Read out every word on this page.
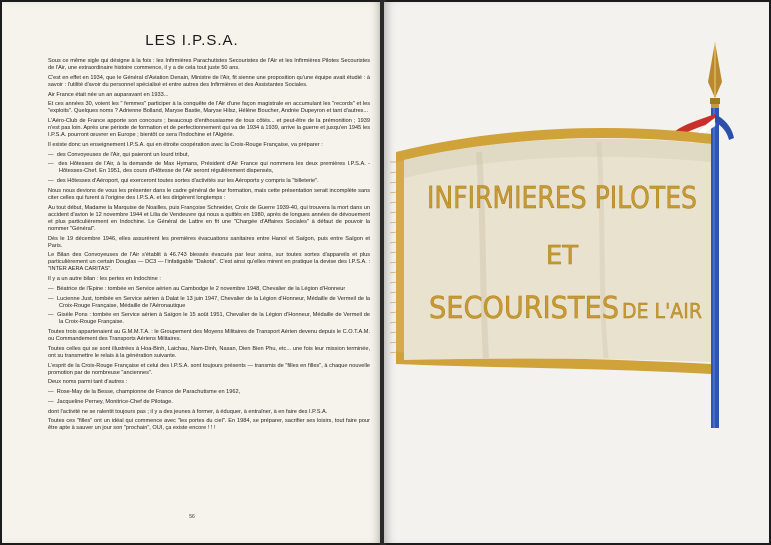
LES I.P.S.A.

Sous ce même sigle qui désigne à la fois : les Infirmières Parachutistes Secouristes de l'Air et les Infirmières Pilotes Secouristes de l'Air, une extraordinaire histoire commence, il y a de cela tout juste 50 ans.

C'est en effet en 1934, que le Général d'Aviation Denain, Ministre de l'Air, fit sienne une proposition qu'une équipe avait étudié : à savoir : l'utilité d'avoir du personnel spécialisé et entre autres des Infirmières et des Assistantes Sociales.

Air France était née un an auparavant en 1933...

Et ces années 30, voient les " femmes" participer à la conquête de l'Air d'une façon magistrale en accumulant les "records" et les "exploits". Quelques noms ? Adrienne Bolland, Maryse Bastie, Maryse Hilsz, Hélène Boucher, Andrée Dupeyron et tant d'autres...

L'Aéro-Club de France apporte son concours ; beaucoup d'enthousiasme de tous côtés... et peut-être de la prémonition ; 1939 n'est pas loin. Après une période de formation et de perfectionnement qui va de 1934 à 1939, arrive la guerre et jusqu'en 1945 les I.P.S.A. pourront œuvrer en Europe ; bientôt ce sera l'Indochine et l'Algérie.

Il existe donc un enseignement I.P.S.A. qui en étroite coopération avec la Croix-Rouge Française, va préparer :

—  des Convoyeuses de l'Air, qui paieront un lourd tribut,

—  des Hôtesses de l'Air, à la demande de Max Hymans, Président d'Air France qui nommera les deux premières I.P.S.A. - Hôtesses-Chef. En 1951, des cours d'Hôtesse de l'Air seront régulièrement dispensés,

—  des Hôtesses d'Aéroport, qui exerceront toutes sortes d'activités sur les Aéroports y compris la "billeterie".

Nous nous devions de vous les présenter dans le cadre général de leur formation, mais cette présentation serait incomplète sans citer celles qui furent à l'origine des I.P.S.A. et les dirigèrent longtemps :

Au tout début, Madame la Marquise de Noailles, puis Françoise Schneider, Croix de Guerre 1939-40, qui trouvera la mort dans un accident d'avion le 12 novembre 1944 et Lilia de Vendeuvre qui nous a quittés en 1980, après de longues années de dévouement et plus particulièrement en Indochine. Le Général de Lattre en fit une "Chargée d'Affaires Sociales" à défaut de pouvoir la nommer "Général".

Dès le 19 décembre 1946, elles assurèrent les premières évacuations sanitaires entre Hanoï et Saïgon, puis entre Saïgon et Paris.

Le Bilan des Convoyeuses de l'Air s'établit à 46.743 blessés évacués par leur soins, sur toutes sortes d'appareils et plus particulièrement un certain Douglas — DC3 — l'infatigable "Dakota". C'est ainsi qu'elles mirent en pratique la devise des I.P.S.A. : "INTER AERA CARITAS".

Il y a un autre bilan : les pertes en Indochine :

—  Béatrice de l'Epine : tombée en Service aérien au Cambodge le 2 novembre 1948, Chevalier de la Légion d'Honneur

—  Lucienne Just, tombée en Service aérien à Dalat le 13 juin 1947, Chevalier de la Légion d'Honneur, Médaille de Vermeil de la Croix-Rouge Française, Médaille de l'Aéronautique

—  Gisèle Pons : tombée en Service aérien à Saïgon le 15 août 1951, Chevalier de la Légion d'Honneur, Médaille de Vermeil de la Croix-Rouge Française.

Toutes trois appartenaient au G.M.M.T.A. : le Groupement des Moyens Militaires de Transport Aérien devenu depuis le C.O.T.A.M. ou Commandement des Transports Aériens Militaires.

Toutes celles qui se sont illustrées à Hoa-Binh, Laichau, Nam-Dinh, Nasan, Dien Bien Phu, etc... une fois leur mission terminée, ont su transmettre le relais à la génération suivante.

L'esprit de la Croix-Rouge Française et celui des I.P.S.A. sont toujours présents — transmis de "filles en filles", à chaque nouvelle promotion par de nombreuse "anciennes".

Deux noms parmi tant d'autres :

—  Rose-May de la Besse, championne de France de Parachutisme en 1962,

—  Jacqueline Perney, Monitrice-Chef de Pilotage.

dont l'activité ne se ralentit toujours pas ; il y a des jeunes à former, à éduquer, à entraîner, à en faire des I.P.S.A.

Toutes ces "filles" ont un idéal qui commence avec "les portes du ciel". En 1984, se préparer, sacrifier ses loisirs, tout faire pour être apte à sauver un jour son "prochain", OUI, ça existe encore ! ! !

56
INFIRMIERES PILOTES
ET
SECOURISTES DE L'AIR
